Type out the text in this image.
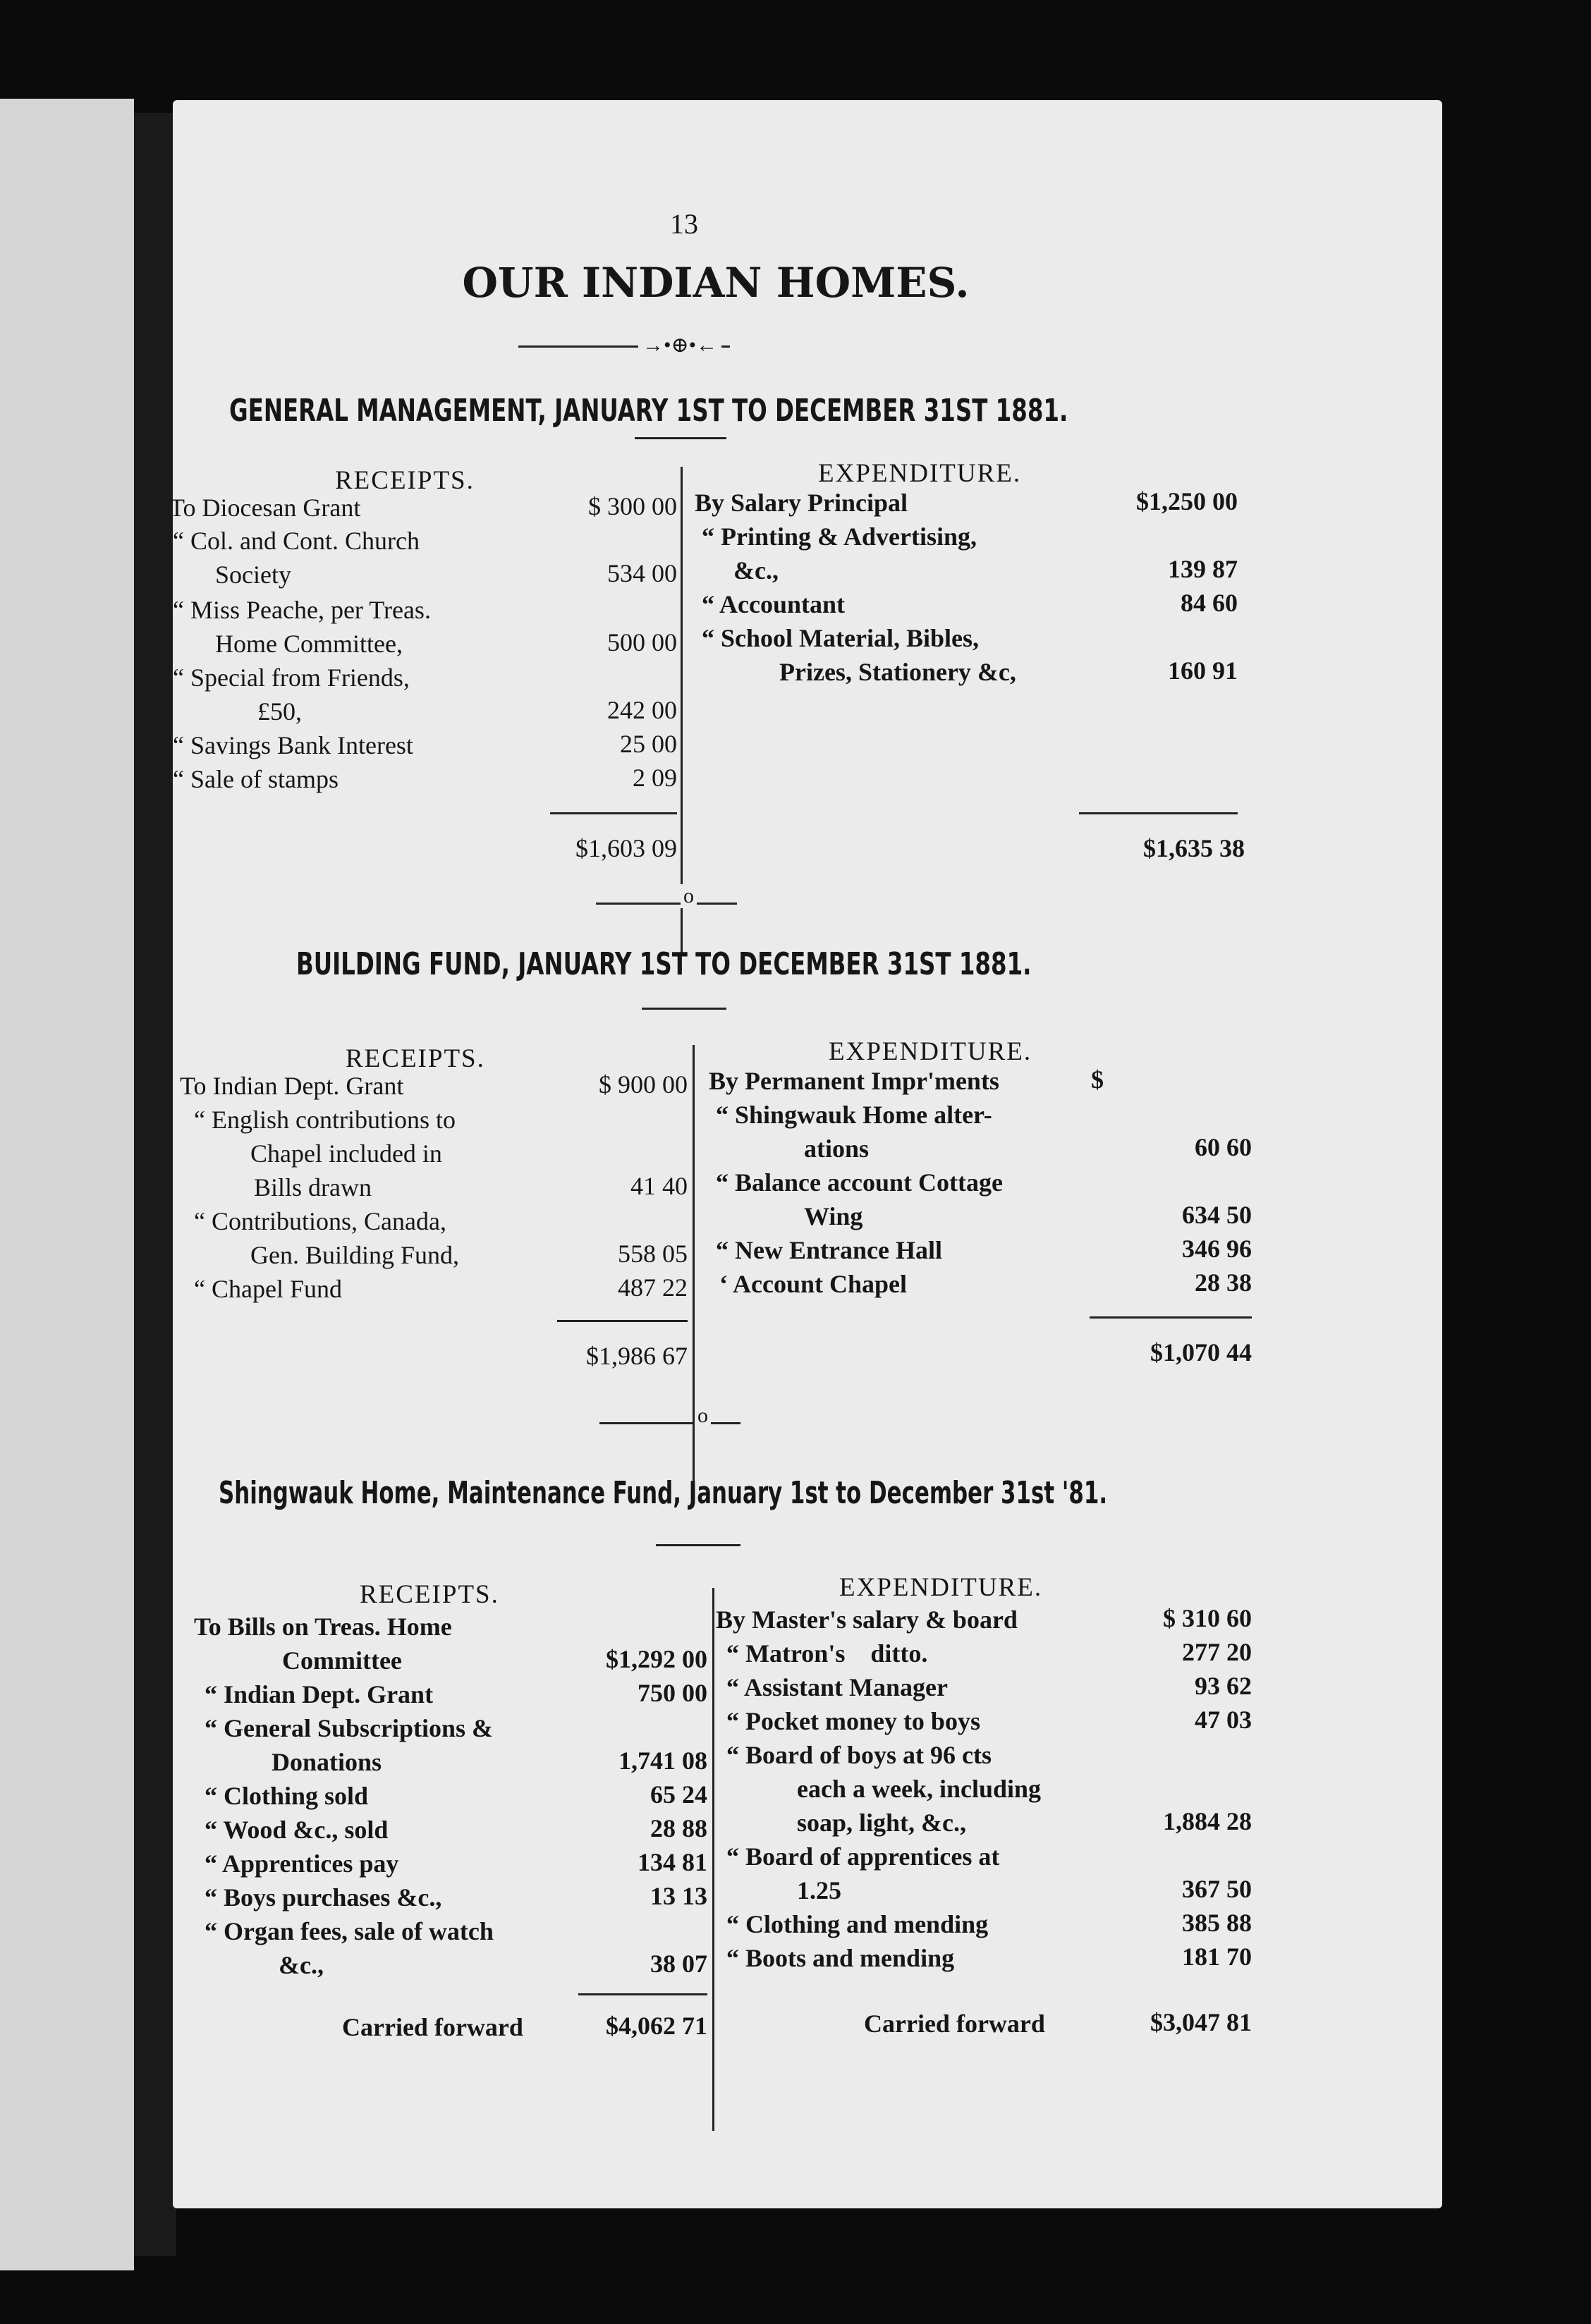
13
OUR INDIAN HOMES.
→•⊕•←
GENERAL MANAGEMENT, JANUARY 1ST TO DECEMBER 31ST 1881.
RECEIPTS.	EXPENDITURE.
To Diocesan Grant	$ 300 00
“ Col. and Cont. Church
Society	534 00
“ Miss Peache, per Treas.
Home Committee,	500 00
“ Special from Friends,
£50,	242 00
“ Savings Bank Interest	25 00
“ Sale of stamps	2 09
$1,603 09
By Salary Principal	$1,250 00
“ Printing & Advertising,
&c.,	139 87
“ Accountant	84 60
“ School Material, Bibles,
Prizes, Stationery &c,	160 91
$1,635 38
o
BUILDING FUND, JANUARY 1ST TO DECEMBER 31ST 1881.
RECEIPTS.	EXPENDITURE.
To Indian Dept. Grant	$ 900 00
“ English contributions to
Chapel included in
Bills drawn	41 40
“ Contributions, Canada,
Gen. Building Fund,	558 05
“ Chapel Fund	487 22
$1,986 67
By Permanent Impr'ments	$
“ Shingwauk Home alter-
ations	60 60
“ Balance account Cottage
Wing	634 50
“ New Entrance Hall	346 96
‘ Account Chapel	28 38
$1,070 44
o
Shingwauk Home, Maintenance Fund, January 1st to December 31st '81.
RECEIPTS.	EXPENDITURE.
To Bills on Treas. Home
Committee	$1,292 00
“ Indian Dept. Grant	750 00
“ General Subscriptions &
Donations	1,741 08
“ Clothing sold	65 24
“ Wood &c., sold	28 88
“ Apprentices pay	134 81
“ Boys purchases &c.,	13 13
“ Organ fees, sale of watch
&c.,	38 07
Carried forward	$4,062 71
By Master's salary & board	$ 310 60
“ Matron's    ditto.	277 20
“ Assistant Manager	93 62
“ Pocket money to boys	47 03
“ Board of boys at 96 cts
each a week, including
soap, light, &c.,	1,884 28
“ Board of apprentices at
1.25	367 50
“ Clothing and mending	385 88
“ Boots and mending	181 70
Carried forward	$3,047 81
